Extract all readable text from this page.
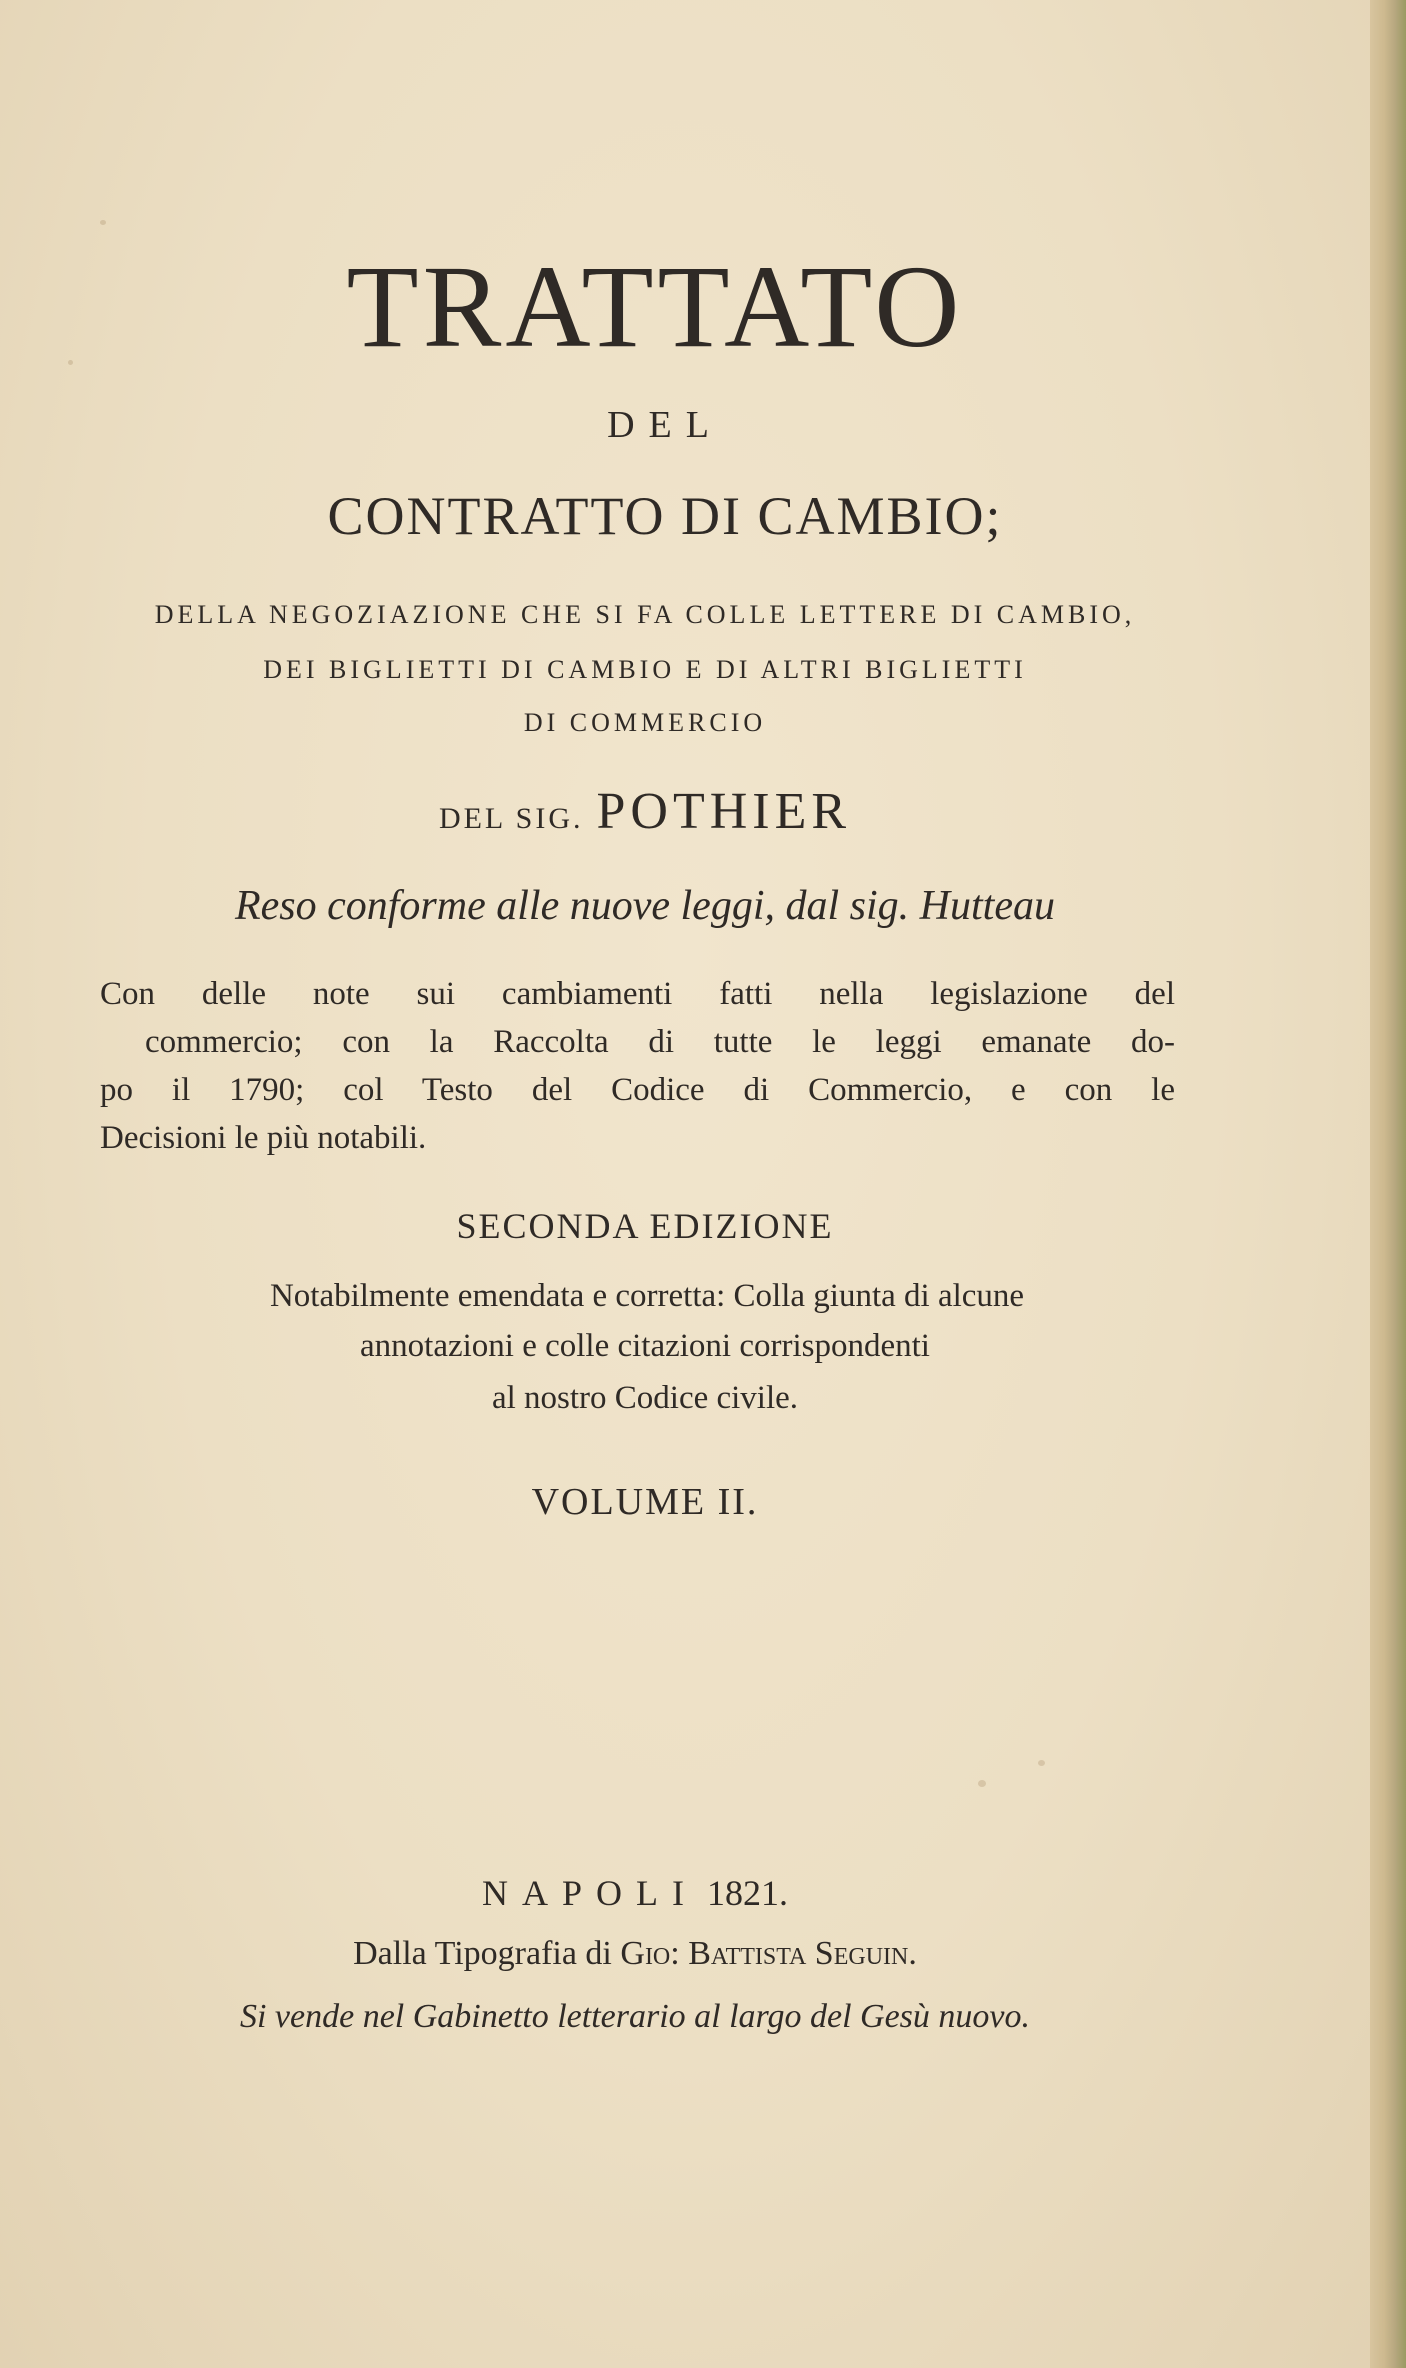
TRATTATO
DEL
CONTRATTO DI CAMBIO;
DELLA NEGOZIAZIONE CHE SI FA COLLE LETTERE DI CAMBIO,
DEI BIGLIETTI DI CAMBIO E DI ALTRI BIGLIETTI
DI COMMERCIO
DEL SIG. POTHIER
Reso conforme alle nuove leggi, dal sig. Hutteau
Con delle note sui cambiamenti fatti nella legislazione del
commercio; con la Raccolta di tutte le leggi emanate do-
po il 1790; col Testo del Codice di Commercio, e con le
Decisioni le più notabili.
SECONDA EDIZIONE
Notabilmente emendata e corretta: Colla giunta di alcune
annotazioni e colle citazioni corrispondenti
al nostro Codice civile.
VOLUME II.
NAPOLI 1821.
Dalla Tipografia di Gio: Battista Seguin.
Si vende nel Gabinetto letterario al largo del Gesù nuovo.
